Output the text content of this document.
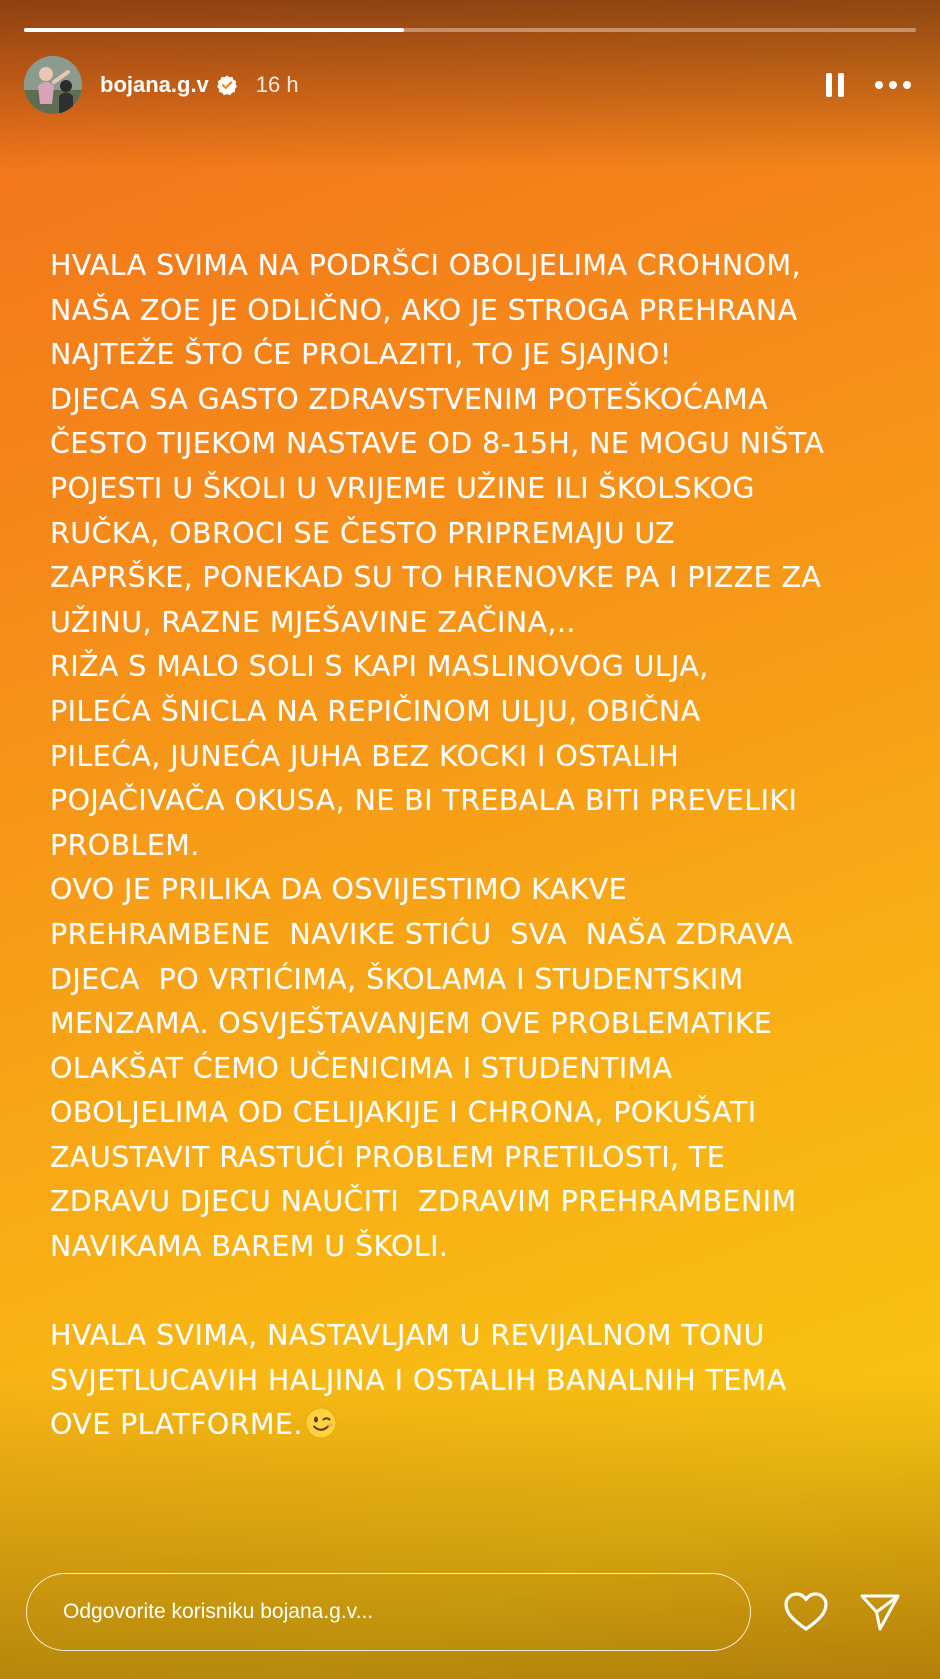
bojana.g.v 16 h
HVALA SVIMA NA PODRŠCI OBOLJELIMA CROHNOM,
NAŠA ZOE JE ODLIČNO, AKO JE STROGA PREHRANA
NAJTEŽE ŠTO ĆE PROLAZITI, TO JE SJAJNO!
DJECA SA GASTO ZDRAVSTVENIM POTEŠKOĆAMA
ČESTO TIJEKOM NASTAVE OD 8-15H, NE MOGU NIŠTA
POJESTI U ŠKOLI U VRIJEME UŽINE ILI ŠKOLSKOG
RUČKA, OBROCI SE ČESTO PRIPREMAJU UZ
ZAPRŠKE, PONEKAD SU TO HRENOVKE PA I PIZZE ZA
UŽINU, RAZNE MJEŠAVINE ZAČINA,..
RIŽA S MALO SOLI S KAPI MASLINOVOG ULJA,
PILEĆA ŠNICLA NA REPIČINOM ULJU, OBIČNA
PILEĆA, JUNEĆA JUHA BEZ KOCKI I OSTALIH
POJAČIVAČA OKUSA, NE BI TREBALA BITI PREVELIKI
PROBLEM.
OVO JE PRILIKA DA OSVIJESTIMO KAKVE
PREHRAMBENE  NAVIKE STIĆU  SVA  NAŠA ZDRAVA
DJECA  PO VRTIĆIMA, ŠKOLAMA I STUDENTSKIM
MENZAMA. OSVJEŠTAVANJEM OVE PROBLEMATIKE
OLAKŠAT ĆEMO UČENICIMA I STUDENTIMA
OBOLJELIMA OD CELIJAKIJE I CHRONA, POKUŠATI
ZAUSTAVIT RASTUĆI PROBLEM PRETILOSTI, TE
ZDRAVU DJECU NAUČITI  ZDRAVIM PREHRAMBENIM
NAVIKAMA BAREM U ŠKOLI.

HVALA SVIMA, NASTAVLJAM U REVIJALNOM TONU
SVJETLUCAVIH HALJINA I OSTALIH BANALNIH TEMA
OVE PLATFORME.
Odgovorite korisniku bojana.g.v...
